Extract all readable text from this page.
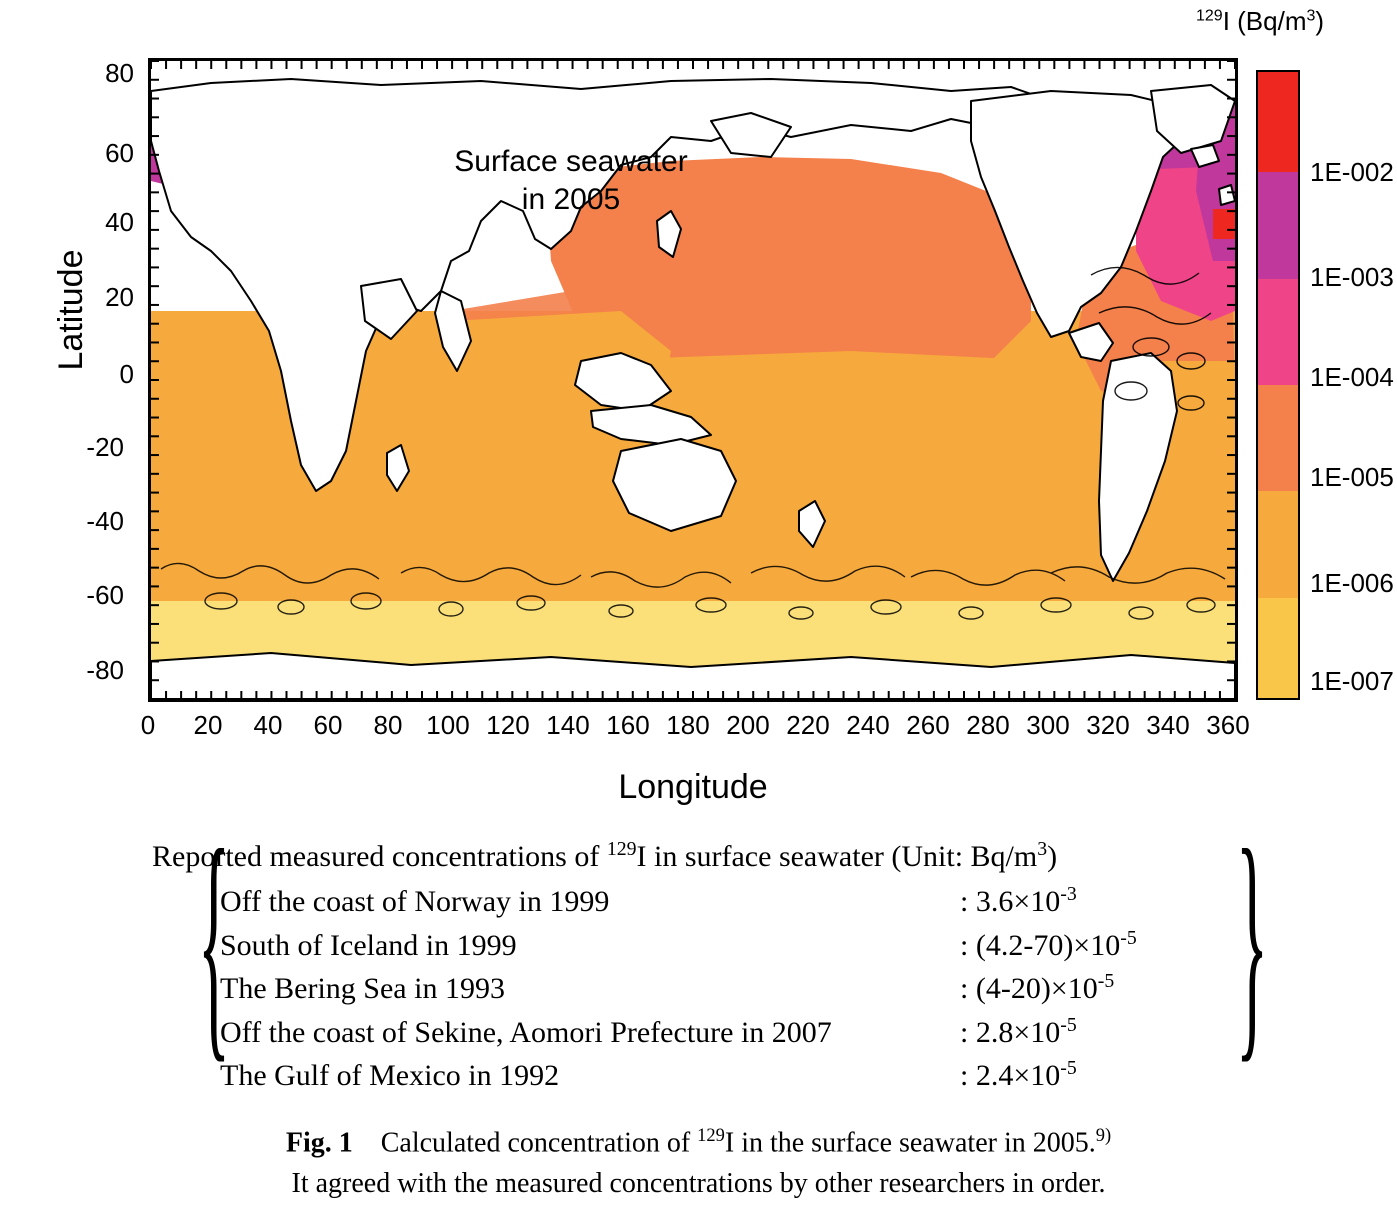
$^{129}$I $(Bq/m^3)$
Latitude
Longitude
80
60
40
20
0
-20
-40
-60
-80
0	20	40	60	80 100 120 140 160 180 200 220 240 260 280 300 320 340 360
Surface seawater
in 2005
1E-002
1E-003
1E-004
1E-005
1E-006
1E-007
Reported measured concentrations of $^{129}$I in surface seawater (Unit: $Bq/m^3$)
{	}
Off the coast of Norway in 1999	: $3.6\times 10^{-3}$
South of Iceland in 1999	: $(4.2-70)\times 10^{-5}$
The Bering Sea in 1993	: $(4-20)\times 10^{-5}$
Off the coast of Sekine, Aomori Prefecture in 2007	: $2.8\times 10^{-5}$
The Gulf of Mexico in 1992	: $2.4\times 10^{-5}$
Fig. 1 Calculated concentration of $^{129}$I in the surface seawater in 2005.$^{9)}$
It agreed with the measured concentrations by other researchers in order.
